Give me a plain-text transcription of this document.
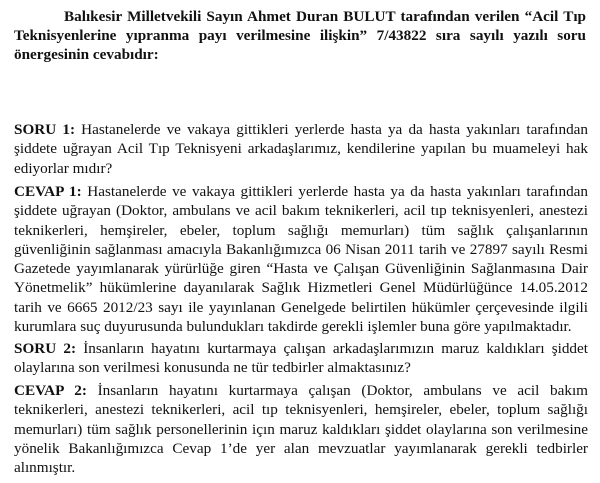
Balıkesir Milletvekili Sayın Ahmet Duran BULUT tarafından verilen “Acil Tıp Teknisyenlerine yıpranma payı verilmesine ilişkin” 7/43822 sıra sayılı yazılı soru önergesinin cevabıdır:
SORU 1: Hastanelerde ve vakaya gittikleri yerlerde hasta ya da hasta yakınları tarafından şiddete uğrayan Acil Tıp Teknisyeni arkadaşlarımız, kendilerine yapılan bu muameleyi hak ediyorlar mıdır?
CEVAP 1: Hastanelerde ve vakaya gittikleri yerlerde hasta ya da hasta yakınları tarafından şiddete uğrayan (Doktor, ambulans ve acil bakım teknikerleri, acil tıp teknisyenleri, anestezi teknikerleri, hemşireler, ebeler, toplum sağlığı memurları) tüm sağlık çalışanlarının güvenliğinin sağlanması amacıyla Bakanlığımızca 06 Nisan 2011 tarih ve 27897 sayılı Resmi Gazetede yayımlanarak yürürlüğe giren “Hasta ve Çalışan Güvenliğinin Sağlanmasına Dair Yönetmelik” hükümlerine dayanılarak Sağlık Hizmetleri Genel Müdürlüğünce 14.05.2012 tarih ve 6665 2012/23 sayı ile yayınlanan Genelgede belirtilen hükümler çerçevesinde ilgili kurumlara suç duyurusunda bulundukları takdirde gerekli işlemler buna göre yapılmaktadır.
SORU 2: İnsanların hayatını kurtarmaya çalışan arkadaşlarımızın maruz kaldıkları şiddet olaylarına son verilmesi konusunda ne tür tedbirler almaktasınız?
CEVAP 2: İnsanların hayatını kurtarmaya çalışan (Doktor, ambulans ve acil bakım teknikerleri, anestezi teknikerleri, acil tıp teknisyenleri, hemşireler, ebeler, toplum sağlığı memurları) tüm sağlık personellerinin içın maruz kaldıkları şiddet olaylarına son verilmesine yönelik Bakanlığımızca Cevap 1’de yer alan mevzuatlar yayımlanarak gerekli tedbirler alınmıştır.
